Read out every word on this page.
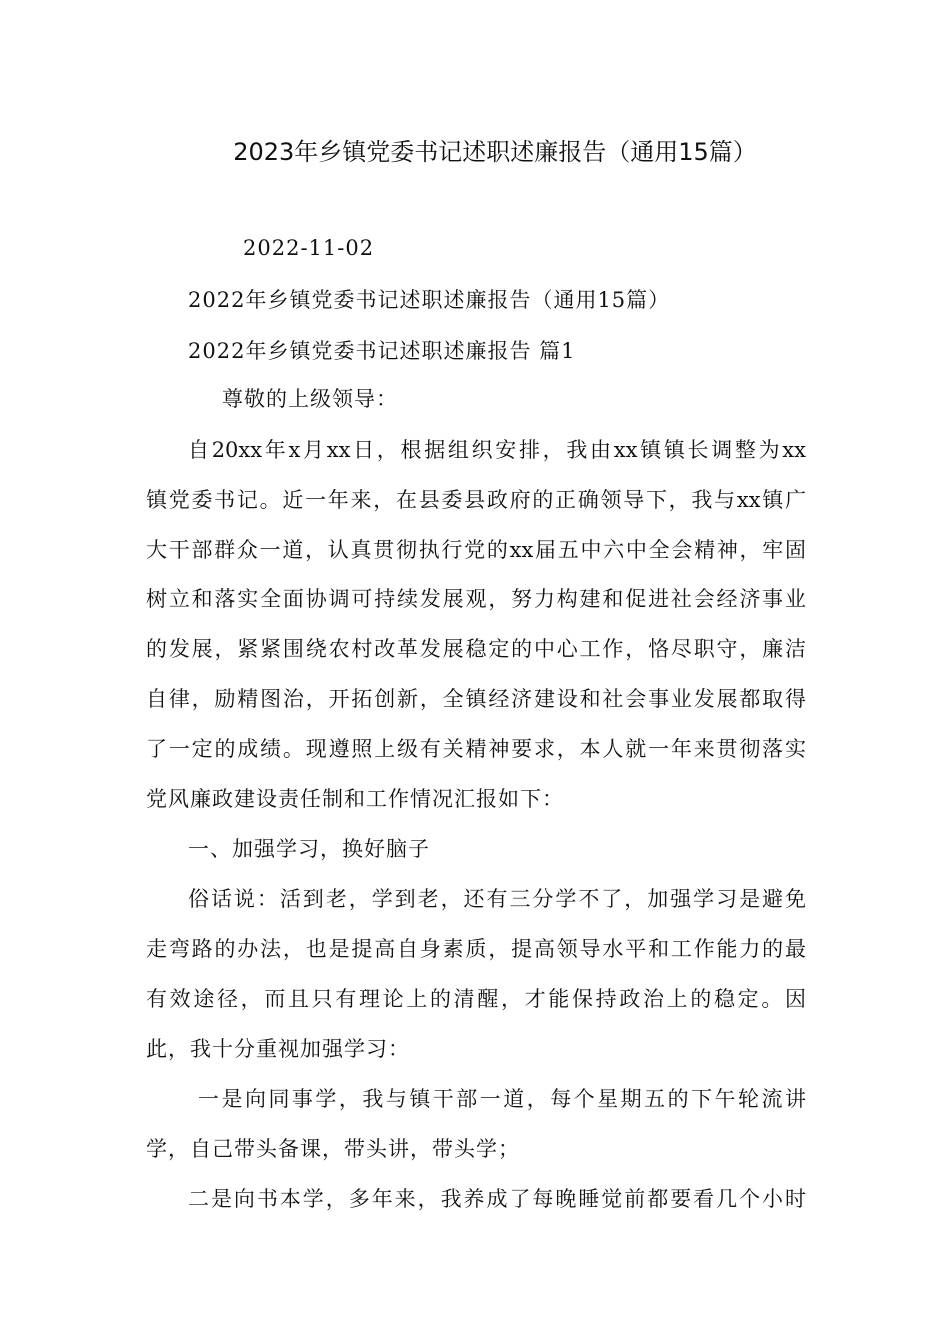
2023年乡镇党委书记述职述廉报告（通用15篇）
2022-11-02
2022年乡镇党委书记述职述廉报告（通用15篇）
2022年乡镇党委书记述职述廉报告 篇1
尊敬的上级领导：
自20xx年x月xx日，根据组织安排，我由xx镇镇长调整为xx
镇党委书记。近一年来，在县委县政府的正确领导下，我与xx镇广
大干部群众一道，认真贯彻执行党的xx届五中六中全会精神，牢固
树立和落实全面协调可持续发展观，努力构建和促进社会经济事业
的发展，紧紧围绕农村改革发展稳定的中心工作，恪尽职守，廉洁
自律，励精图治，开拓创新，全镇经济建设和社会事业发展都取得
了一定的成绩。现遵照上级有关精神要求，本人就一年来贯彻落实
党风廉政建设责任制和工作情况汇报如下：
一、加强学习，换好脑子
俗话说：活到老，学到老，还有三分学不了，加强学习是避免
走弯路的办法，也是提高自身素质，提高领导水平和工作能力的最
有效途径，而且只有理论上的清醒，才能保持政治上的稳定。因
此，我十分重视加强学习：
一是向同事学，我与镇干部一道，每个星期五的下午轮流讲
学，自己带头备课，带头讲，带头学；
二是向书本学，多年来，我养成了每晚睡觉前都要看几个小时
